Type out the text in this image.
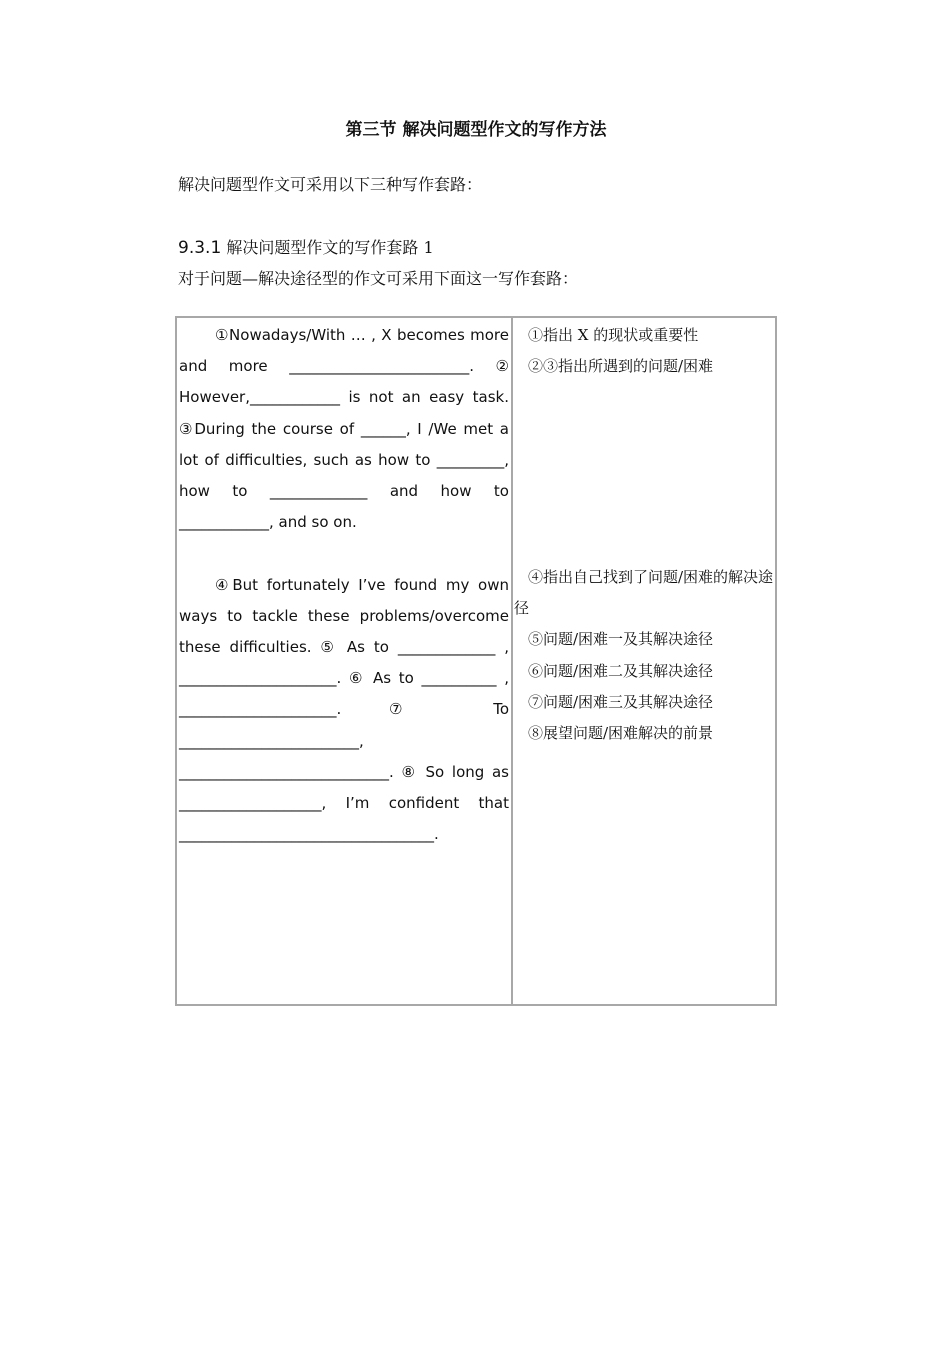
第三节 解决问题型作文的写作方法
解决问题型作文可采用以下三种写作套路：
9.3.1 解决问题型作文的写作套路 1
对于问题—解决途径型的作文可采用下面这一写作套路：
①Nowadays/With … , X becomes more and more ________________________. ② However,____________ is not an easy task. ③During the course of ______, I /We met a lot of difficulties, such as how to _________, how to _____________ and how to ____________, and so on.
④But fortunately I’ve found my own ways to tackle these problems/overcome these difficulties. ⑤ As to _____________ , _____________________. ⑥ As to __________ , _____________________. ⑦ To ________________________, ____________________________. ⑧ So long as ___________________, I’m confident that __________________________________.
①指出 X 的现状或重要性
②③指出所遇到的问题/困难
④指出自己找到了问题/困难的解决途径
⑤问题/困难一及其解决途径
⑥问题/困难二及其解决途径
⑦问题/困难三及其解决途径
⑧展望问题/困难解决的前景
